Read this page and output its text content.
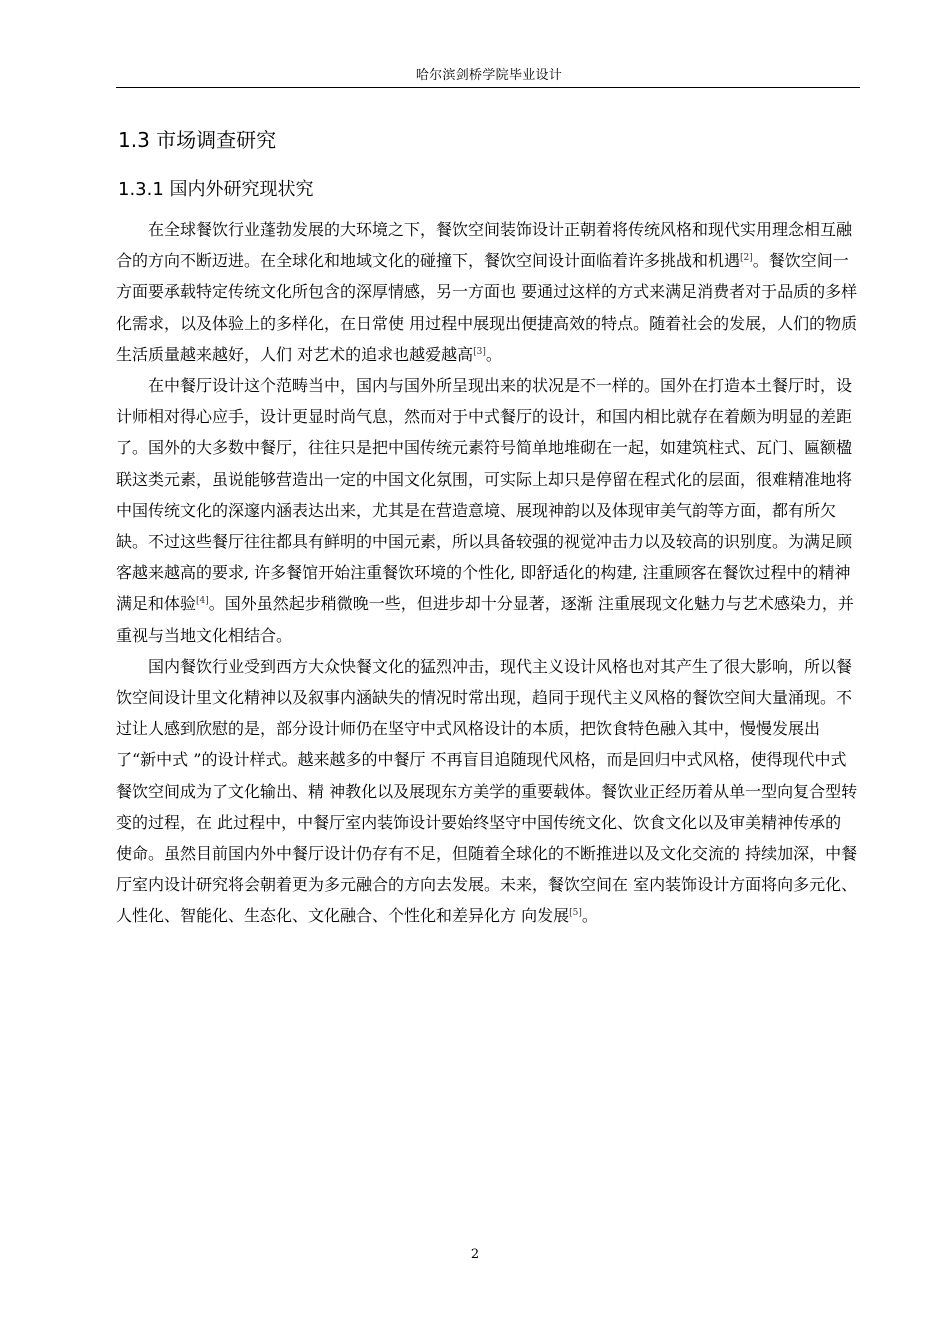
哈尔滨剑桥学院毕业设计
1.3 市场调查研究
1.3.1 国内外研究现状究

在全球餐饮行业蓬勃发展的大环境之下，餐饮空间装饰设计正朝着将传统风格和现代实用理念相互融合的方向不断迈进。在全球化和地域文化的碰撞下，餐饮空间设计面临着许多挑战和机遇[2]。餐饮空间一方面要承载特定传统文化所包含的深厚情感，另一方面也 要通过这样的方式来满足消费者对于品质的多样化需求，以及体验上的多样化，在日常使 用过程中展现出便捷高效的特点。随着社会的发展，人们的物质生活质量越来越好，人们 对艺术的追求也越爱越高[3]。

在中餐厅设计这个范畴当中，国内与国外所呈现出来的状况是不一样的。国外在打造本土餐厅时，设计师相对得心应手，设计更显时尚气息，然而对于中式餐厅的设计，和国内相比就存在着颇为明显的差距了。国外的大多数中餐厅，往往只是把中国传统元素符号简单地堆砌在一起，如建筑柱式、瓦门、匾额楹联这类元素，虽说能够营造出一定的中国文化氛围，可实际上却只是停留在程式化的层面，很难精准地将中国传统文化的深邃内涵表达出来，尤其是在营造意境、展现神韵以及体现审美气韵等方面，都有所欠缺。不过这些餐厅往往都具有鲜明的中国元素，所以具备较强的视觉冲击力以及较高的识别度。为满足顾客越来越高的要求, 许多餐馆开始注重餐饮环境的个性化, 即舒适化的构建, 注重顾客在餐饮过程中的精神满足和体验[4]。国外虽然起步稍微晚一些，但进步却十分显著，逐渐 注重展现文化魅力与艺术感染力，并重视与当地文化相结合。

国内餐饮行业受到西方大众快餐文化的猛烈冲击，现代主义设计风格也对其产生了很大影响，所以餐饮空间设计里文化精神以及叙事内涵缺失的情况时常出现，趋同于现代主义风格的餐饮空间大量涌现。不过让人感到欣慰的是，部分设计师仍在坚守中式风格设计的本质，把饮食特色融入其中，慢慢发展出了“新中式 ”的设计样式。越来越多的中餐厅 不再盲目追随现代风格，而是回归中式风格，使得现代中式餐饮空间成为了文化输出、精 神教化以及展现东方美学的重要载体。餐饮业正经历着从单一型向复合型转变的过程，在 此过程中，中餐厅室内装饰设计要始终坚守中国传统文化、饮食文化以及审美精神传承的 使命。虽然目前国内外中餐厅设计仍存有不足，但随着全球化的不断推进以及文化交流的 持续加深，中餐厅室内设计研究将会朝着更为多元融合的方向去发展。未来，餐饮空间在 室内装饰设计方面将向多元化、人性化、智能化、生态化、文化融合、个性化和差异化方 向发展[5]。

2
